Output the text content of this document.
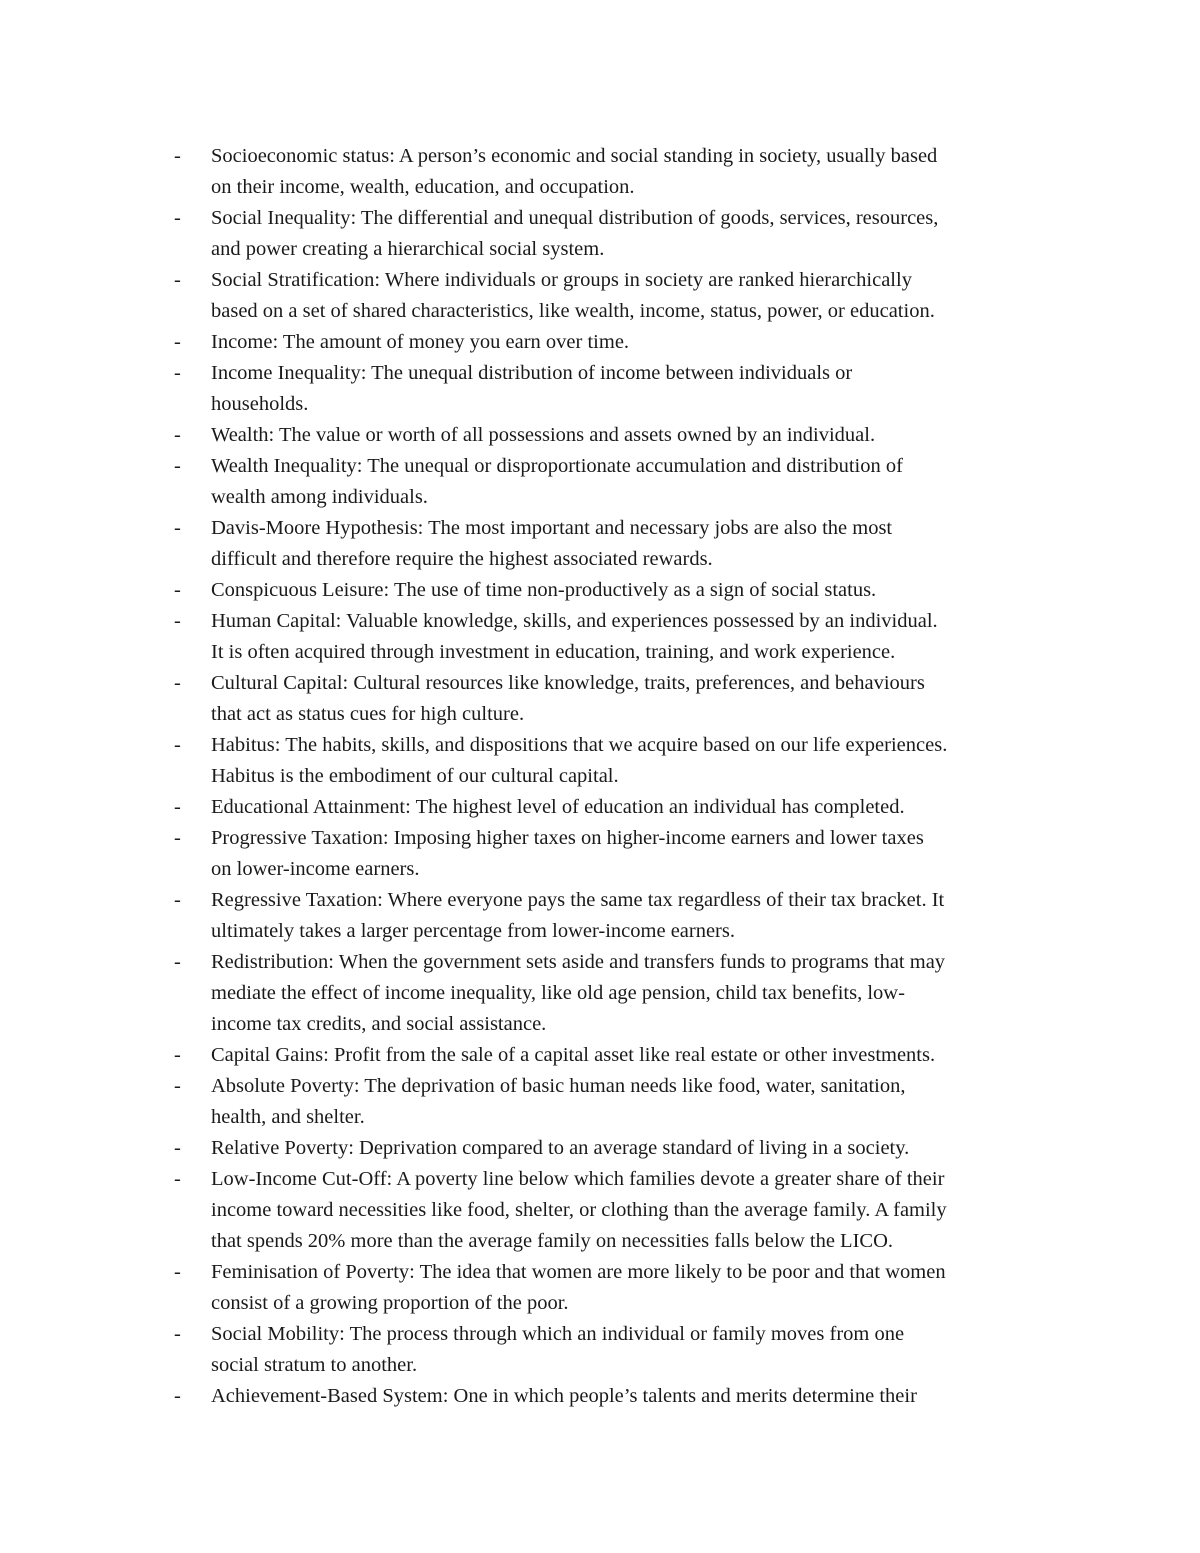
- Socioeconomic status: A person’s economic and social standing in society, usually based
on their income, wealth, education, and occupation.
- Social Inequality: The differential and unequal distribution of goods, services, resources,
and power creating a hierarchical social system.
- Social Stratification: Where individuals or groups in society are ranked hierarchically
based on a set of shared characteristics, like wealth, income, status, power, or education.
- Income: The amount of money you earn over time.
- Income Inequality: The unequal distribution of income between individuals or
households.
- Wealth: The value or worth of all possessions and assets owned by an individual.
- Wealth Inequality: The unequal or disproportionate accumulation and distribution of
wealth among individuals.
- Davis-Moore Hypothesis: The most important and necessary jobs are also the most
difficult and therefore require the highest associated rewards.
- Conspicuous Leisure: The use of time non-productively as a sign of social status.
- Human Capital: Valuable knowledge, skills, and experiences possessed by an individual.
It is often acquired through investment in education, training, and work experience.
- Cultural Capital: Cultural resources like knowledge, traits, preferences, and behaviours
that act as status cues for high culture.
- Habitus: The habits, skills, and dispositions that we acquire based on our life experiences.
Habitus is the embodiment of our cultural capital.
- Educational Attainment: The highest level of education an individual has completed.
- Progressive Taxation: Imposing higher taxes on higher-income earners and lower taxes
on lower-income earners.
- Regressive Taxation: Where everyone pays the same tax regardless of their tax bracket. It
ultimately takes a larger percentage from lower-income earners.
- Redistribution: When the government sets aside and transfers funds to programs that may
mediate the effect of income inequality, like old age pension, child tax benefits, low-
income tax credits, and social assistance.
- Capital Gains: Profit from the sale of a capital asset like real estate or other investments.
- Absolute Poverty: The deprivation of basic human needs like food, water, sanitation,
health, and shelter.
- Relative Poverty: Deprivation compared to an average standard of living in a society.
- Low-Income Cut-Off: A poverty line below which families devote a greater share of their
income toward necessities like food, shelter, or clothing than the average family. A family
that spends 20% more than the average family on necessities falls below the LICO.
- Feminisation of Poverty: The idea that women are more likely to be poor and that women
consist of a growing proportion of the poor.
- Social Mobility: The process through which an individual or family moves from one
social stratum to another.
- Achievement-Based System: One in which people’s talents and merits determine their
